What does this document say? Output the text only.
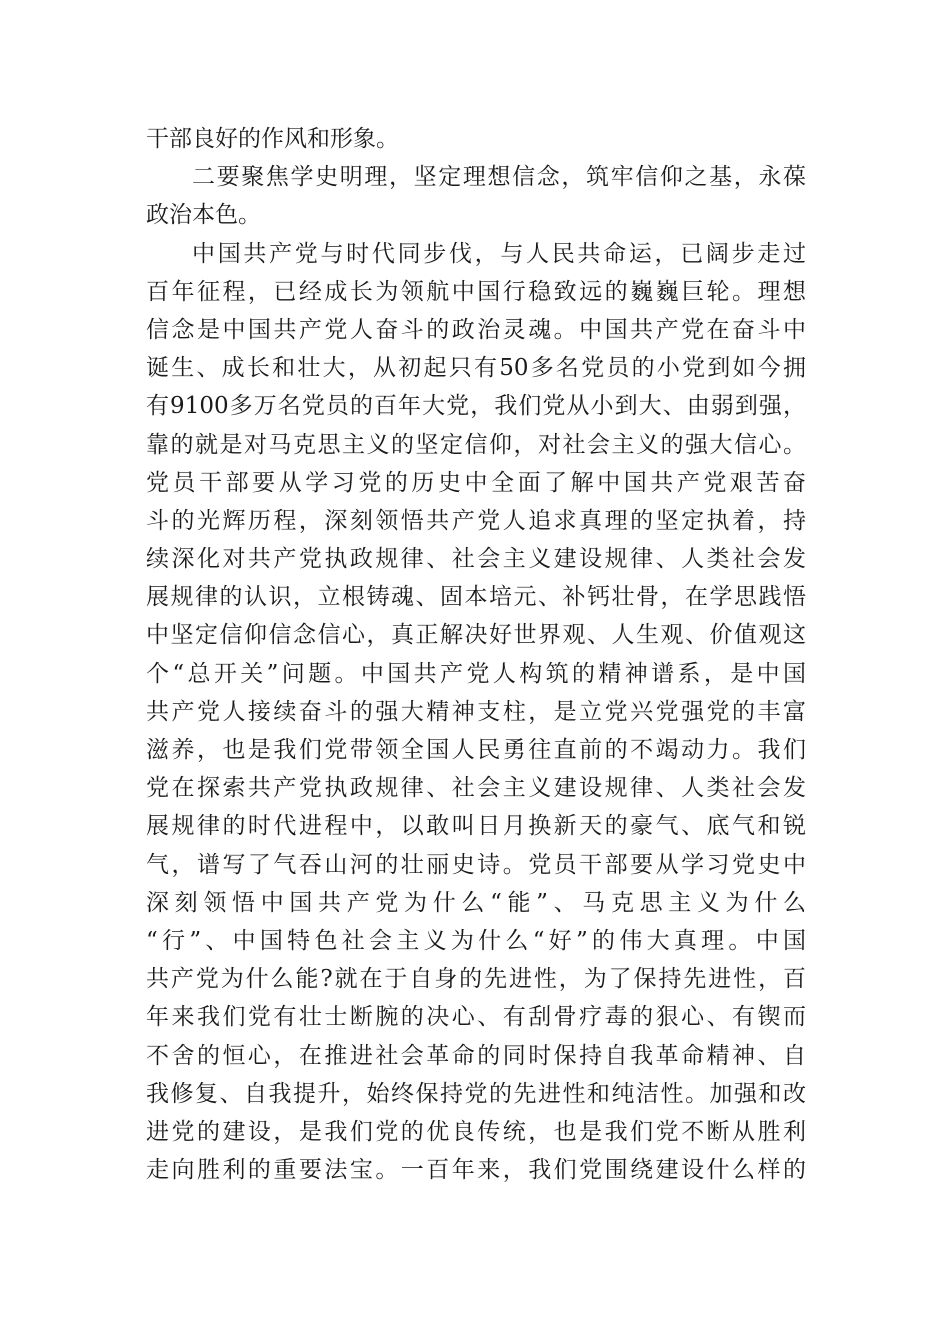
干部良好的作风和形象。
二要聚焦学史明理，坚定理想信念，筑牢信仰之基，永葆
政治本色。
中国共产党与时代同步伐，与人民共命运，已阔步走过
百年征程，已经成长为领航中国行稳致远的巍巍巨轮。理想
信念是中国共产党人奋斗的政治灵魂。中国共产党在奋斗中
诞生、成长和壮大，从初起只有50多名党员的小党到如今拥
有9100多万名党员的百年大党，我们党从小到大、由弱到强，
靠的就是对马克思主义的坚定信仰，对社会主义的强大信心。
党员干部要从学习党的历史中全面了解中国共产党艰苦奋
斗的光辉历程，深刻领悟共产党人追求真理的坚定执着，持
续深化对共产党执政规律、社会主义建设规律、人类社会发
展规律的认识，立根铸魂、固本培元、补钙壮骨，在学思践悟
中坚定信仰信念信心，真正解决好世界观、人生观、价值观这
个“总开关”问题。中国共产党人构筑的精神谱系，是中国
共产党人接续奋斗的强大精神支柱，是立党兴党强党的丰富
滋养，也是我们党带领全国人民勇往直前的不竭动力。我们
党在探索共产党执政规律、社会主义建设规律、人类社会发
展规律的时代进程中，以敢叫日月换新天的豪气、底气和锐
气，谱写了气吞山河的壮丽史诗。党员干部要从学习党史中
深刻领悟中国共产党为什么“能”、马克思主义为什么
“行”、中国特色社会主义为什么“好”的伟大真理。中国
共产党为什么能?就在于自身的先进性，为了保持先进性，百
年来我们党有壮士断腕的决心、有刮骨疗毒的狠心、有锲而
不舍的恒心，在推进社会革命的同时保持自我革命精神、自
我修复、自我提升，始终保持党的先进性和纯洁性。加强和改
进党的建设，是我们党的优良传统，也是我们党不断从胜利
走向胜利的重要法宝。一百年来，我们党围绕建设什么样的
